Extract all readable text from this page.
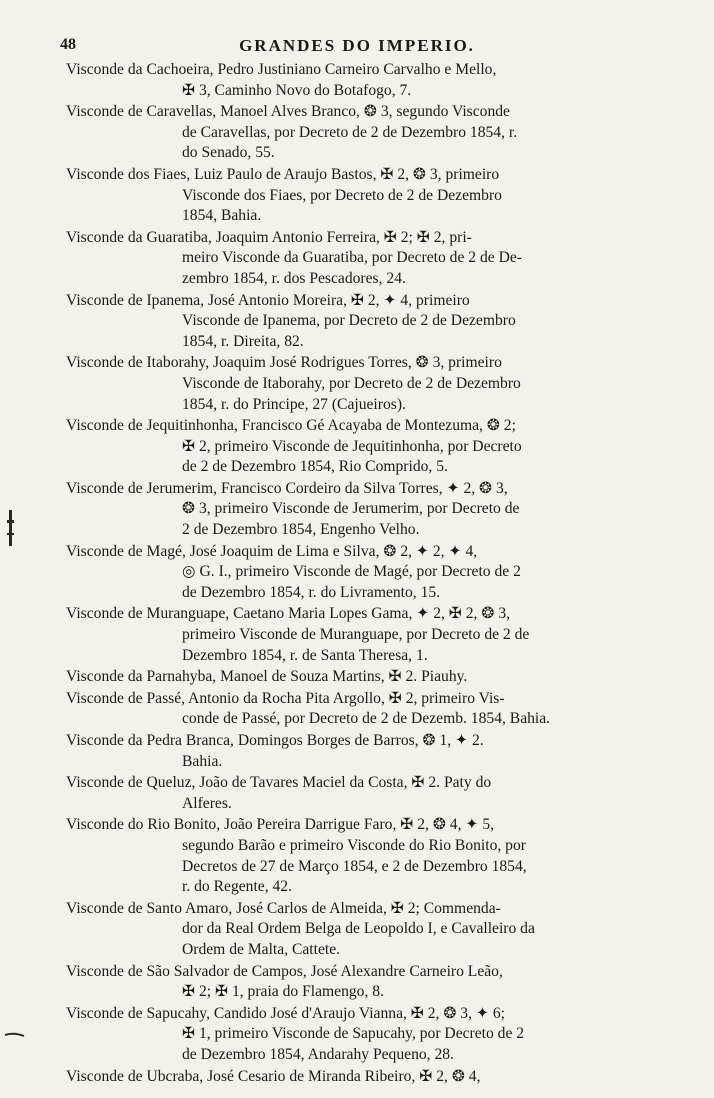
48	GRANDES DO IMPERIO.
Visconde da Cachoeira, Pedro Justiniano Carneiro Carvalho e Mello,
✠ 3, Caminho Novo do Botafogo, 7.
Visconde de Caravellas, Manoel Alves Branco, ❂ 3, segundo Visconde
de Caravellas, por Decreto de 2 de Dezembro 1854, r.
do Senado, 55.
Visconde dos Fiaes, Luiz Paulo de Araujo Bastos, ✠ 2, ❂ 3, primeiro
Visconde dos Fiaes, por Decreto de 2 de Dezembro
1854, Bahia.
Visconde da Guaratiba, Joaquim Antonio Ferreira, ✠ 2; ✠ 2, pri-
meiro Visconde da Guaratiba, por Decreto de 2 de De-
zembro 1854, r. dos Pescadores, 24.
Visconde de Ipanema, José Antonio Moreira, ✠ 2, ✦ 4, primeiro
Visconde de Ipanema, por Decreto de 2 de Dezembro
1854, r. Direita, 82.
Visconde de Itaborahy, Joaquim José Rodrigues Torres, ❂ 3, primeiro
Visconde de Itaborahy, por Decreto de 2 de Dezembro
1854, r. do Principe, 27 (Cajueiros).
Visconde de Jequitinhonha, Francisco Gé Acayaba de Montezuma, ❂ 2;
✠ 2, primeiro Visconde de Jequitinhonha, por Decreto
de 2 de Dezembro 1854, Rio Comprido, 5.
Visconde de Jerumerim, Francisco Cordeiro da Silva Torres, ✦ 2, ❂ 3,
❂ 3, primeiro Visconde de Jerumerim, por Decreto de
2 de Dezembro 1854, Engenho Velho.
Visconde de Magé, José Joaquim de Lima e Silva, ❂ 2, ✦ 2, ✦ 4,
◎ G. I., primeiro Visconde de Magé, por Decreto de 2
de Dezembro 1854, r. do Livramento, 15.
Visconde de Muranguape, Caetano Maria Lopes Gama, ✦ 2, ✠ 2, ❂ 3,
primeiro Visconde de Muranguape, por Decreto de 2 de
Dezembro 1854, r. de Santa Theresa, 1.
Visconde da Parnahyba, Manoel de Souza Martins, ✠ 2. Piauhy.
Visconde de Passé, Antonio da Rocha Pita Argollo, ✠ 2, primeiro Vis-
conde de Passé, por Decreto de 2 de Dezemb. 1854, Bahia.
Visconde da Pedra Branca, Domingos Borges de Barros, ❂ 1, ✦ 2.
Bahia.
Visconde de Queluz, João de Tavares Maciel da Costa, ✠ 2. Paty do
Alferes.
Visconde do Rio Bonito, João Pereira Darrigue Faro, ✠ 2, ❂ 4, ✦ 5,
segundo Barão e primeiro Visconde do Rio Bonito, por
Decretos de 27 de Março 1854, e 2 de Dezembro 1854,
r. do Regente, 42.
Visconde de Santo Amaro, José Carlos de Almeida, ✠ 2; Commenda-
dor da Real Ordem Belga de Leopoldo I, e Cavalleiro da
Ordem de Malta, Cattete.
Visconde de São Salvador de Campos, José Alexandre Carneiro Leão,
✠ 2; ✠ 1, praia do Flamengo, 8.
Visconde de Sapucahy, Candido José d'Araujo Vianna, ✠ 2, ❂ 3, ✦ 6;
✠ 1, primeiro Visconde de Sapucahy, por Decreto de 2
de Dezembro 1854, Andarahy Pequeno, 28.
Visconde de Ubcraba, José Cesario de Miranda Ribeiro, ✠ 2, ❂ 4,
